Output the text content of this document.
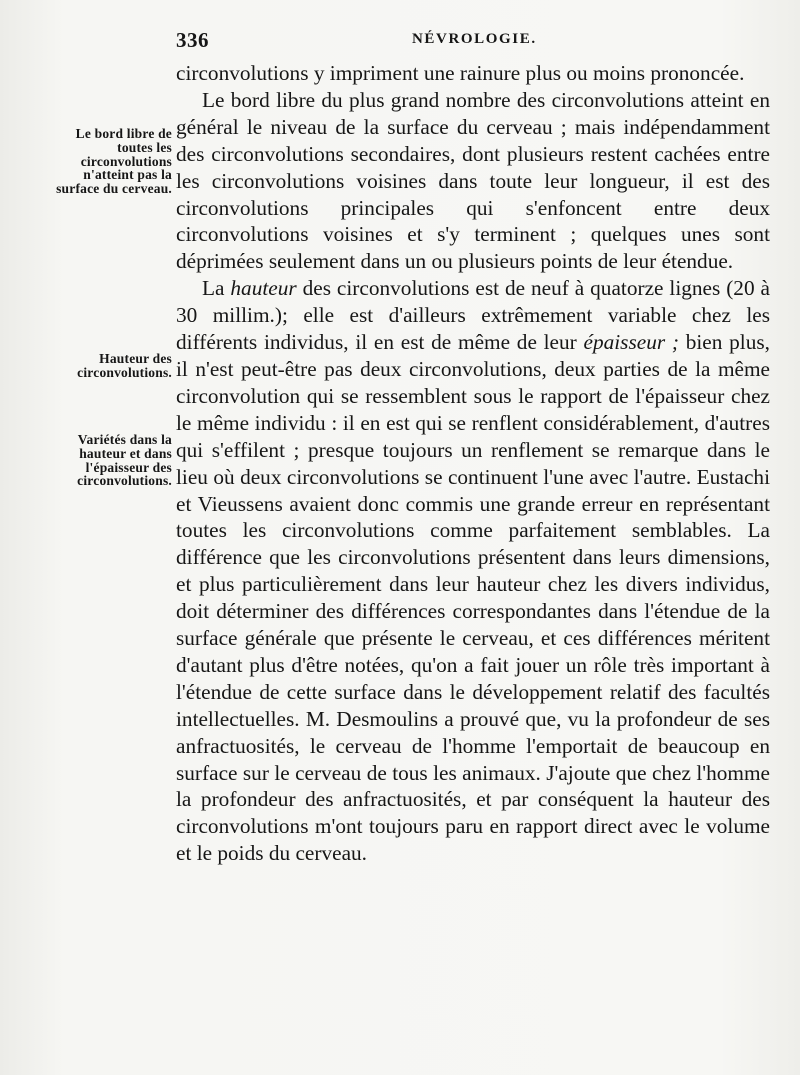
336	NÉVROLOGIE.
Le bord libre de toutes les circonvolutions n'atteint pas la surface du cerveau.
Hauteur des circonvolutions.
Variétés dans la hauteur et dans l'épaisseur des circonvolutions.

circonvolutions y impriment une rainure plus ou moins prononcée.

Le bord libre du plus grand nombre des circonvolutions atteint en général le niveau de la surface du cerveau ; mais indépendamment des circonvolutions secondaires, dont plusieurs restent cachées entre les circonvolutions voisines dans toute leur longueur, il est des circonvolutions principales qui s'enfoncent entre deux circonvolutions voisines et s'y terminent ; quelques unes sont déprimées seulement dans un ou plusieurs points de leur étendue.

La hauteur des circonvolutions est de neuf à quatorze lignes (20 à 30 millim.); elle est d'ailleurs extrêmement variable chez les différents individus, il en est de même de leur épaisseur ; bien plus, il n'est peut-être pas deux circonvolutions, deux parties de la même circonvolution qui se ressemblent sous le rapport de l'épaisseur chez le même individu : il en est qui se renflent considérablement, d'autres qui s'effilent ; presque toujours un renflement se remarque dans le lieu où deux circonvolutions se continuent l'une avec l'autre. Eustachi et Vieussens avaient donc commis une grande erreur en représentant toutes les circonvolutions comme parfaitement semblables. La différence que les circonvolutions présentent dans leurs dimensions, et plus particulièrement dans leur hauteur chez les divers individus, doit déterminer des différences correspondantes dans l'étendue de la surface générale que présente le cerveau, et ces différences méritent d'autant plus d'être notées, qu'on a fait jouer un rôle très important à l'étendue de cette surface dans le développement relatif des facultés intellectuelles. M. Desmoulins a prouvé que, vu la profondeur de ses anfractuosités, le cerveau de l'homme l'emportait de beaucoup en surface sur le cerveau de tous les animaux. J'ajoute que chez l'homme la profondeur des anfractuosités, et par conséquent la hauteur des circonvolutions m'ont toujours paru en rapport direct avec le volume et le poids du cerveau.
